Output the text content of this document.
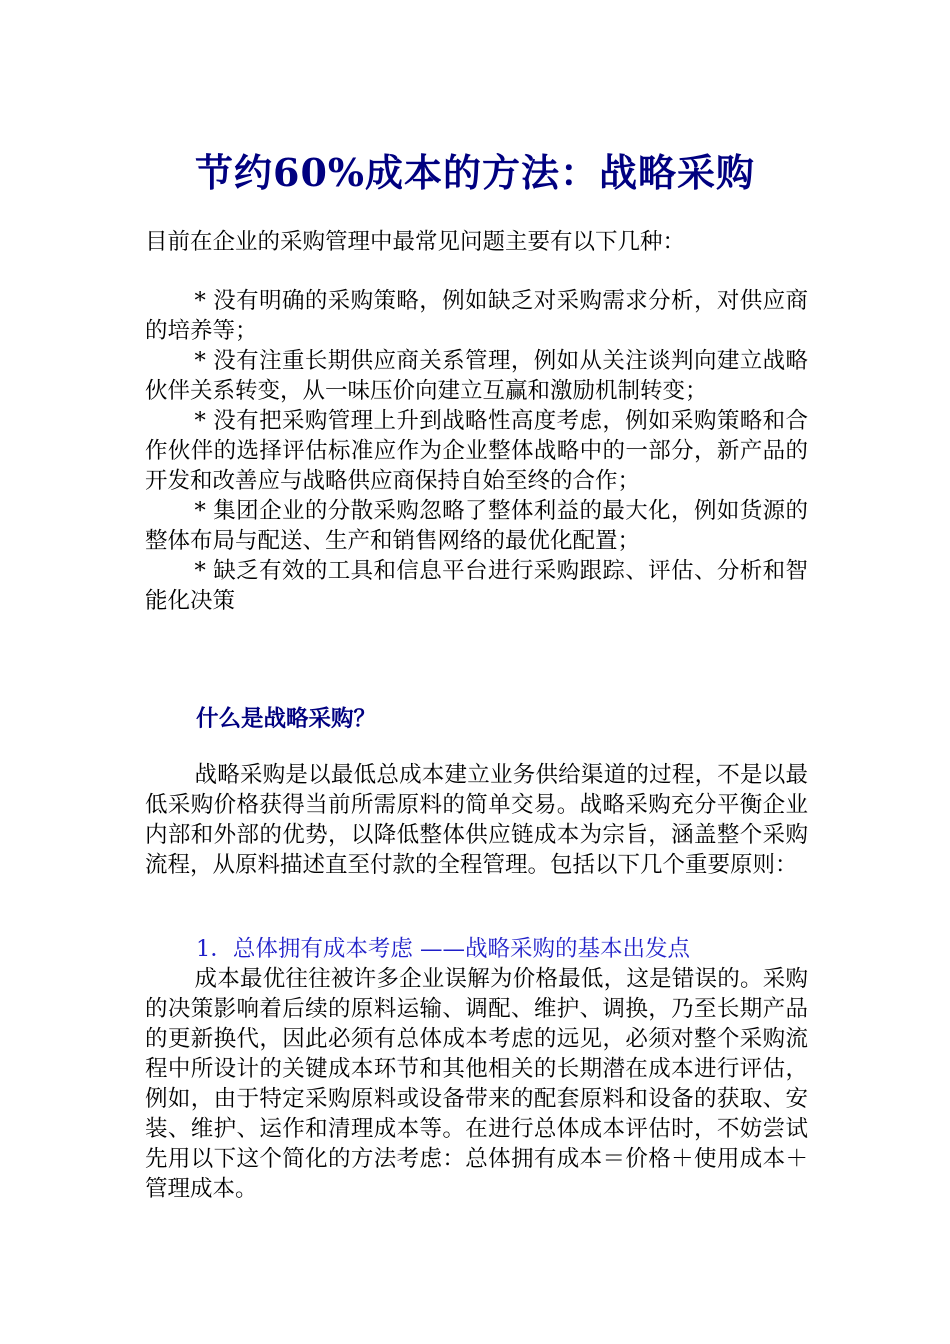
节约60%成本的方法：战略采购
目前在企业的采购管理中最常见问题主要有以下几种：

* 没有明确的采购策略，例如缺乏对采购需求分析，对供应商的培养等；

* 没有注重长期供应商关系管理，例如从关注谈判向建立战略伙伴关系转变，从一味压价向建立互赢和激励机制转变；

* 没有把采购管理上升到战略性高度考虑，例如采购策略和合作伙伴的选择评估标准应作为企业整体战略中的一部分，新产品的开发和改善应与战略供应商保持自始至终的合作；

* 集团企业的分散采购忽略了整体利益的最大化，例如货源的整体布局与配送、生产和销售网络的最优化配置；

* 缺乏有效的工具和信息平台进行采购跟踪、评估、分析和智能化决策

什么是战略采购？

战略采购是以最低总成本建立业务供给渠道的过程，不是以最低采购价格获得当前所需原料的简单交易。战略采购充分平衡企业内部和外部的优势，以降低整体供应链成本为宗旨，涵盖整个采购流程，从原料描述直至付款的全程管理。包括以下几个重要原则：

1．总体拥有成本考虑 ——战略采购的基本出发点

成本最优往往被许多企业误解为价格最低，这是错误的。采购的决策影响着后续的原料运输、调配、维护、调换，乃至长期产品的更新换代，因此必须有总体成本考虑的远见，必须对整个采购流程中所设计的关键成本环节和其他相关的长期潜在成本进行评估，例如，由于特定采购原料或设备带来的配套原料和设备的获取、安装、维护、运作和清理成本等。在进行总体成本评估时，不妨尝试先用以下这个简化的方法考虑：总体拥有成本＝价格＋使用成本＋管理成本。
